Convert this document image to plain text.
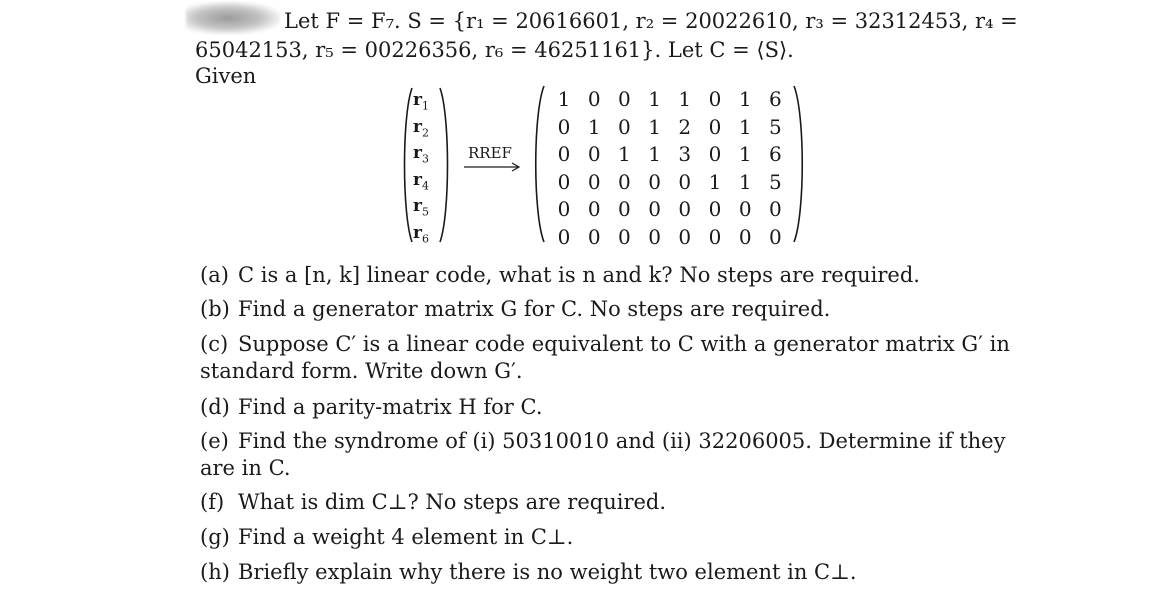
Let F = F₇. S = {r₁ = 20616601, r₂ = 20022610, r₃ = 32312453, r₄ =
65042153, r₅ = 00226356, r₆ = 46251161}. Let C = ⟨S⟩.
Given
$r_1$
$r_2$
$r_3$
$r_4$
$r_5$
$r_6$
RREF
1 0 0 1 1 0 1 6
0 1 0 1 2 0 1 5
0 0 1 1 3 0 1 6
0 0 0 0 0 1 1 5
0 0 0 0 0 0 0 0
0 0 0 0 0 0 0 0
(a) C is a [n, k] linear code, what is n and k? No steps are required.
(b) Find a generator matrix G for C. No steps are required.
(c) Suppose C′ is a linear code equivalent to C with a generator matrix G′ in standard form. Write down G′.
(d) Find a parity-matrix H for C.
(e) Find the syndrome of (i) 50310010 and (ii) 32206005. Determine if they are in C.
(f) What is dim C⊥? No steps are required.
(g) Find a weight 4 element in C⊥.
(h) Briefly explain why there is no weight two element in C⊥.
